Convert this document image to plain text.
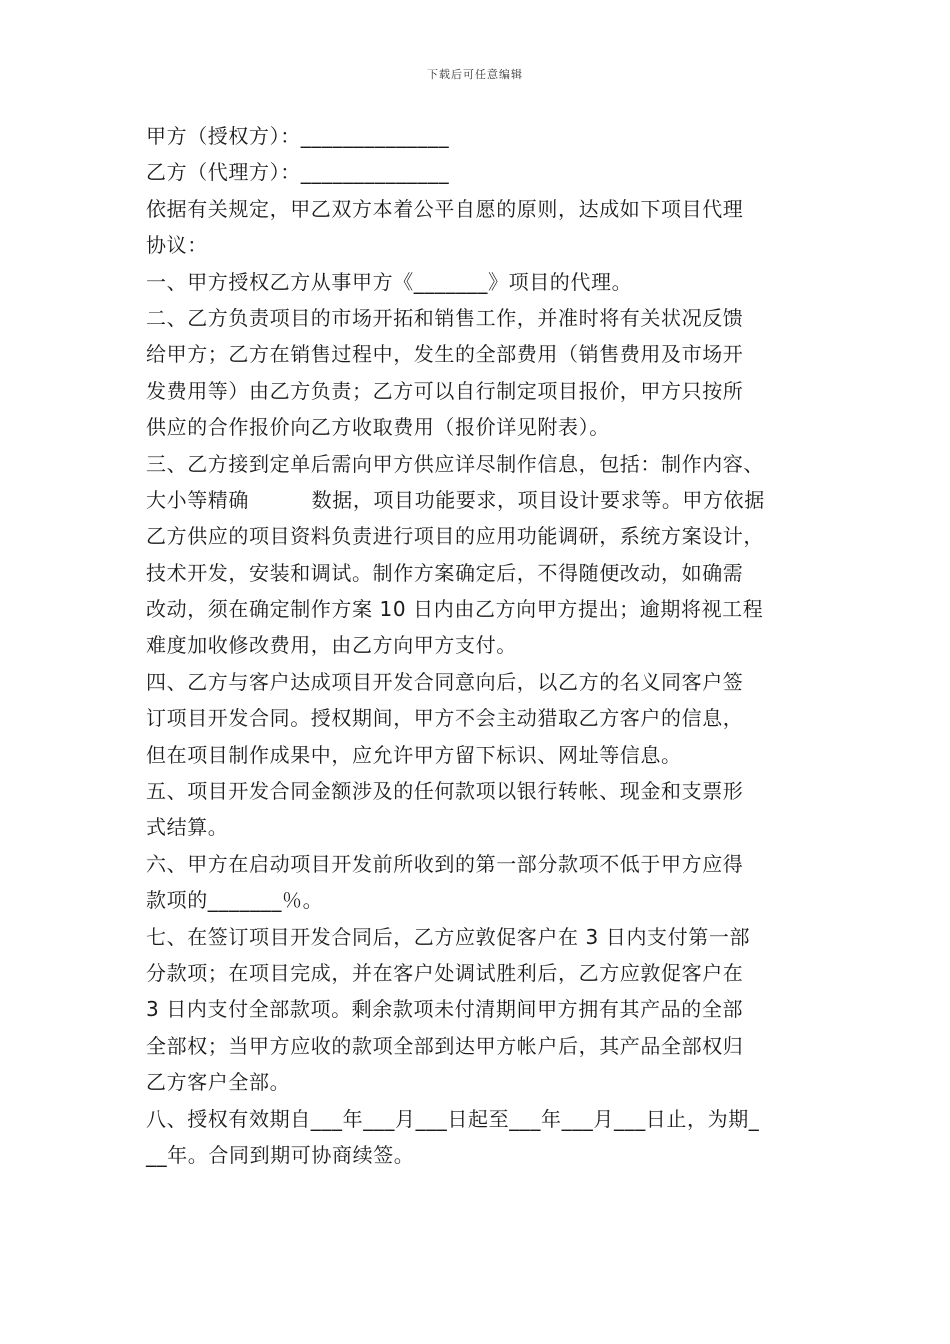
下载后可任意编辑
甲方（授权方）：______________
乙方（代理方）：______________
依据有关规定，甲乙双方本着公平自愿的原则，达成如下项目代理
协议：
一、甲方授权乙方从事甲方《_______》项目的代理。
二、乙方负责项目的市场开拓和销售工作，并准时将有关状况反馈
给甲方；乙方在销售过程中，发生的全部费用（销售费用及市场开
发费用等）由乙方负责；乙方可以自行制定项目报价，甲方只按所
供应的合作报价向乙方收取费用（报价详见附表）。
三、乙方接到定单后需向甲方供应详尽制作信息，包括：制作内容、
大小等精确         数据，项目功能要求，项目设计要求等。甲方依据
乙方供应的项目资料负责进行项目的应用功能调研，系统方案设计，
技术开发，安装和调试。制作方案确定后，不得随便改动，如确需
改动，须在确定制作方案 10 日内由乙方向甲方提出；逾期将视工程
难度加收修改费用，由乙方向甲方支付。
四、乙方与客户达成项目开发合同意向后，以乙方的名义同客户签
订项目开发合同。授权期间，甲方不会主动猎取乙方客户的信息，
但在项目制作成果中，应允许甲方留下标识、网址等信息。
五、项目开发合同金额涉及的任何款项以银行转帐、现金和支票形
式结算。
六、甲方在启动项目开发前所收到的第一部分款项不低于甲方应得
款项的_______％。
七、在签订项目开发合同后，乙方应敦促客户在 3 日内支付第一部
分款项；在项目完成，并在客户处调试胜利后，乙方应敦促客户在
3 日内支付全部款项。剩余款项未付清期间甲方拥有其产品的全部
全部权；当甲方应收的款项全部到达甲方帐户后，其产品全部权归
乙方客户全部。
八、授权有效期自___年___月___日起至___年___月___日止，为期_
__年。合同到期可协商续签。
